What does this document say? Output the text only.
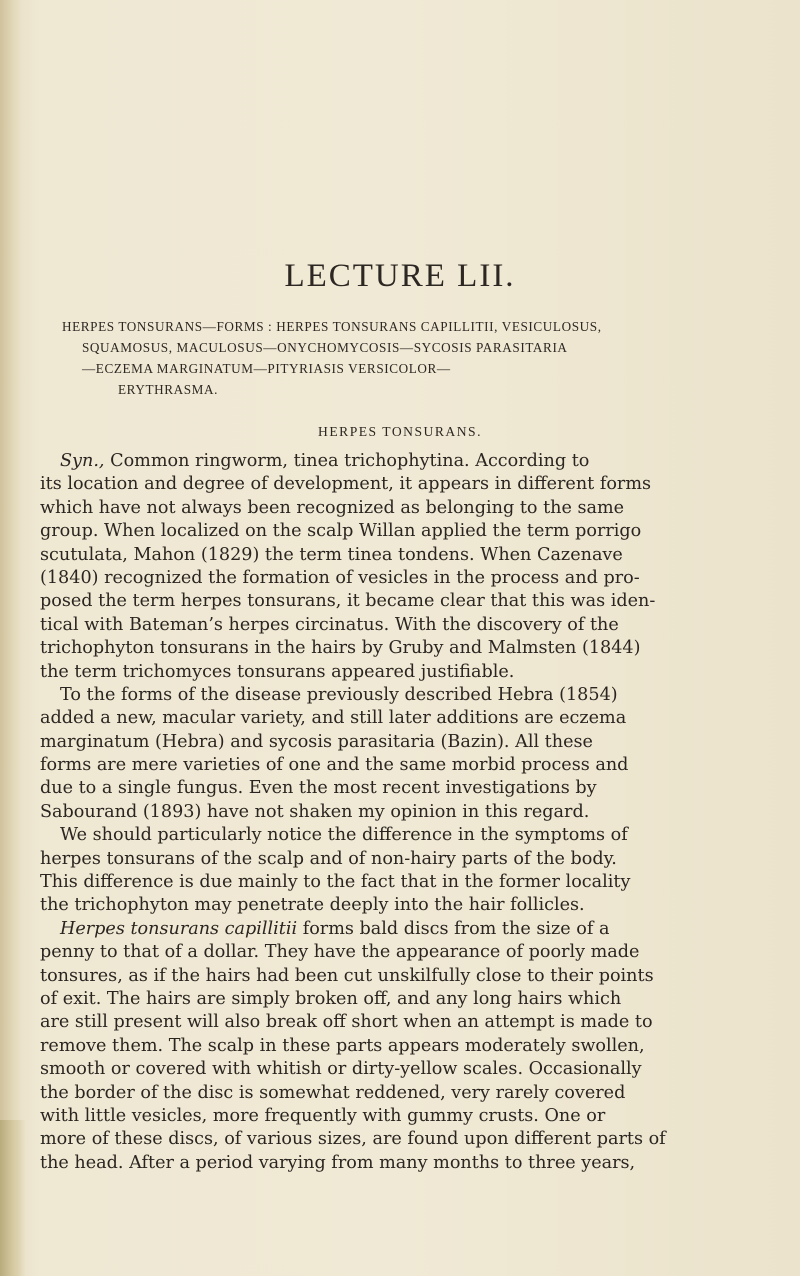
LECTURE LII.
HERPES TONSURANS—FORMS : HERPES TONSURANS CAPILLITII, VESICULOSUS,
SQUAMOSUS, MACULOSUS—ONYCHOMYCOSIS—SYCOSIS PARASITARIA
—ECZEMA MARGINATUM—PITYRIASIS VERSICOLOR—
ERYTHRASMA.
HERPES TONSURANS.
Syn., Common ringworm, tinea trichophytina. According to
its location and degree of development, it appears in different forms
which have not always been recognized as belonging to the same
group. When localized on the scalp Willan applied the term porrigo
scutulata, Mahon (1829) the term tinea tondens. When Cazenave
(1840) recognized the formation of vesicles in the process and pro-
posed the term herpes tonsurans, it became clear that this was iden-
tical with Bateman’s herpes circinatus. With the discovery of the
trichophyton tonsurans in the hairs by Gruby and Malmsten (1844)
the term trichomyces tonsurans appeared justifiable.
To the forms of the disease previously described Hebra (1854)
added a new, macular variety, and still later additions are eczema
marginatum (Hebra) and sycosis parasitaria (Bazin). All these
forms are mere varieties of one and the same morbid process and
due to a single fungus. Even the most recent investigations by
Sabourand (1893) have not shaken my opinion in this regard.
We should particularly notice the difference in the symptoms of
herpes tonsurans of the scalp and of non-hairy parts of the body.
This difference is due mainly to the fact that in the former locality
the trichophyton may penetrate deeply into the hair follicles.
Herpes tonsurans capillitii forms bald discs from the size of a
penny to that of a dollar. They have the appearance of poorly made
tonsures, as if the hairs had been cut unskilfully close to their points
of exit. The hairs are simply broken off, and any long hairs which
are still present will also break off short when an attempt is made to
remove them. The scalp in these parts appears moderately swollen,
smooth or covered with whitish or dirty-yellow scales. Occasionally
the border of the disc is somewhat reddened, very rarely covered
with little vesicles, more frequently with gummy crusts. One or
more of these discs, of various sizes, are found upon different parts of
the head. After a period varying from many months to three years,
